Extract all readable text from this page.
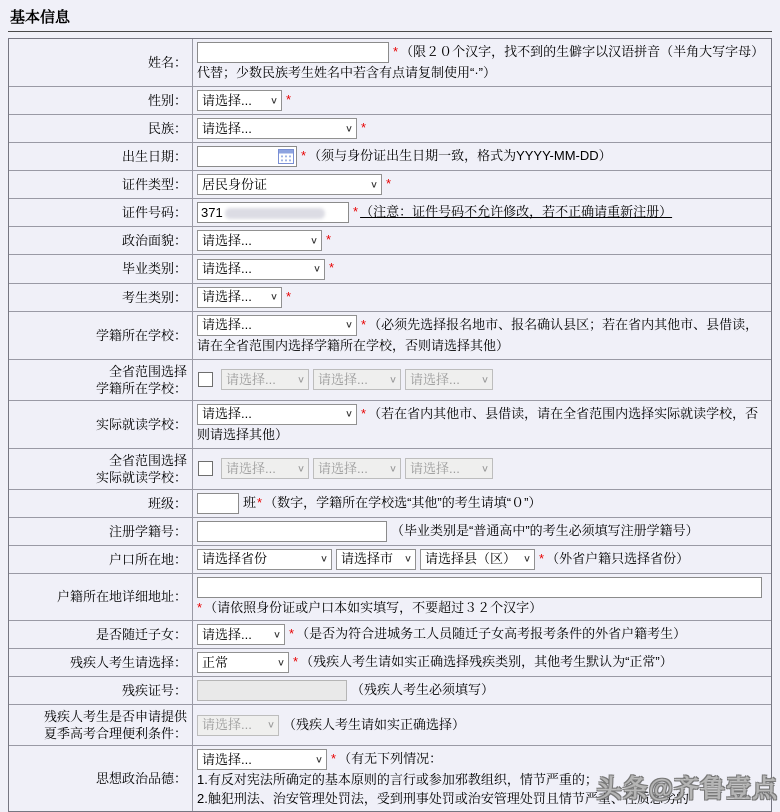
基本信息
姓名：
* （限２０个汉字，找不到的生僻字以汉语拼音（半角大写字母）代替；少数民族考生姓名中若含有点请复制使用“·”）
性别： 请选择... ∨ *
民族： 请选择...	∨ *
出生日期：	* （须与身份证出生日期一致，格式为YYYY-MM-DD）
证件类型： 居民身份证	∨ *
证件号码：	371	* （注意：证件号码不允许修改，若不正确请重新注册）
政治面貌： 请选择...	∨ *
毕业类别： 请选择...	∨ *
考生类别： 请选择... ∨ *
学籍所在学校：
请选择...	∨ * （必须先选择报名地市、报名确认县区；若在省内其他市、县借读，请在全省范围内选择学籍所在学校，否则请选择其他）
全省范围选择
学籍所在学校：
请选择... ∨ 请选择... ∨ 请选择... ∨
实际就读学校：
请选择...	∨ * （若在省内其他市、县借读，请在全省范围内选择实际就读学校，否则请选择其他）
全省范围选择
实际就读学校：
请选择... ∨ 请选择... ∨ 请选择... ∨
班级：	班* （数字，学籍所在学校选“其他”的考生请填“０”）
注册学籍号：	（毕业类别是“普通高中”的考生必须填写注册学籍号）
户口所在地： 请选择省份	∨ 请选择市 ∨ 请选择县（区） ∨ * （外省户籍只选择省份）
户籍所在地详细地址：
* （请依照身份证或户口本如实填写，不要超过３２个汉字）
是否随迁子女： 请选择... ∨ * （是否为符合进城务工人员随迁子女高考报考条件的外省户籍考生）
残疾人考生请选择： 正常	∨ * （残疾人考生请如实正确选择残疾类别，其他考生默认为“正常”）
残疾证号：	（残疾人考生必须填写）
残疾人考生是否申请提供
夏季高考合理便利条件：
请选择... ∨ （残疾人考生请如实正确选择）
思想政治品德：
请选择...	∨ * （有无下列情况：
1.有反对宪法所确定的基本原则的言行或参加邪教组织，情节严重的；
2.触犯刑法、治安管理处罚法，受到刑事处罚或治安管理处罚且情节严重、性质恶劣的
头条@齐鲁壹点
